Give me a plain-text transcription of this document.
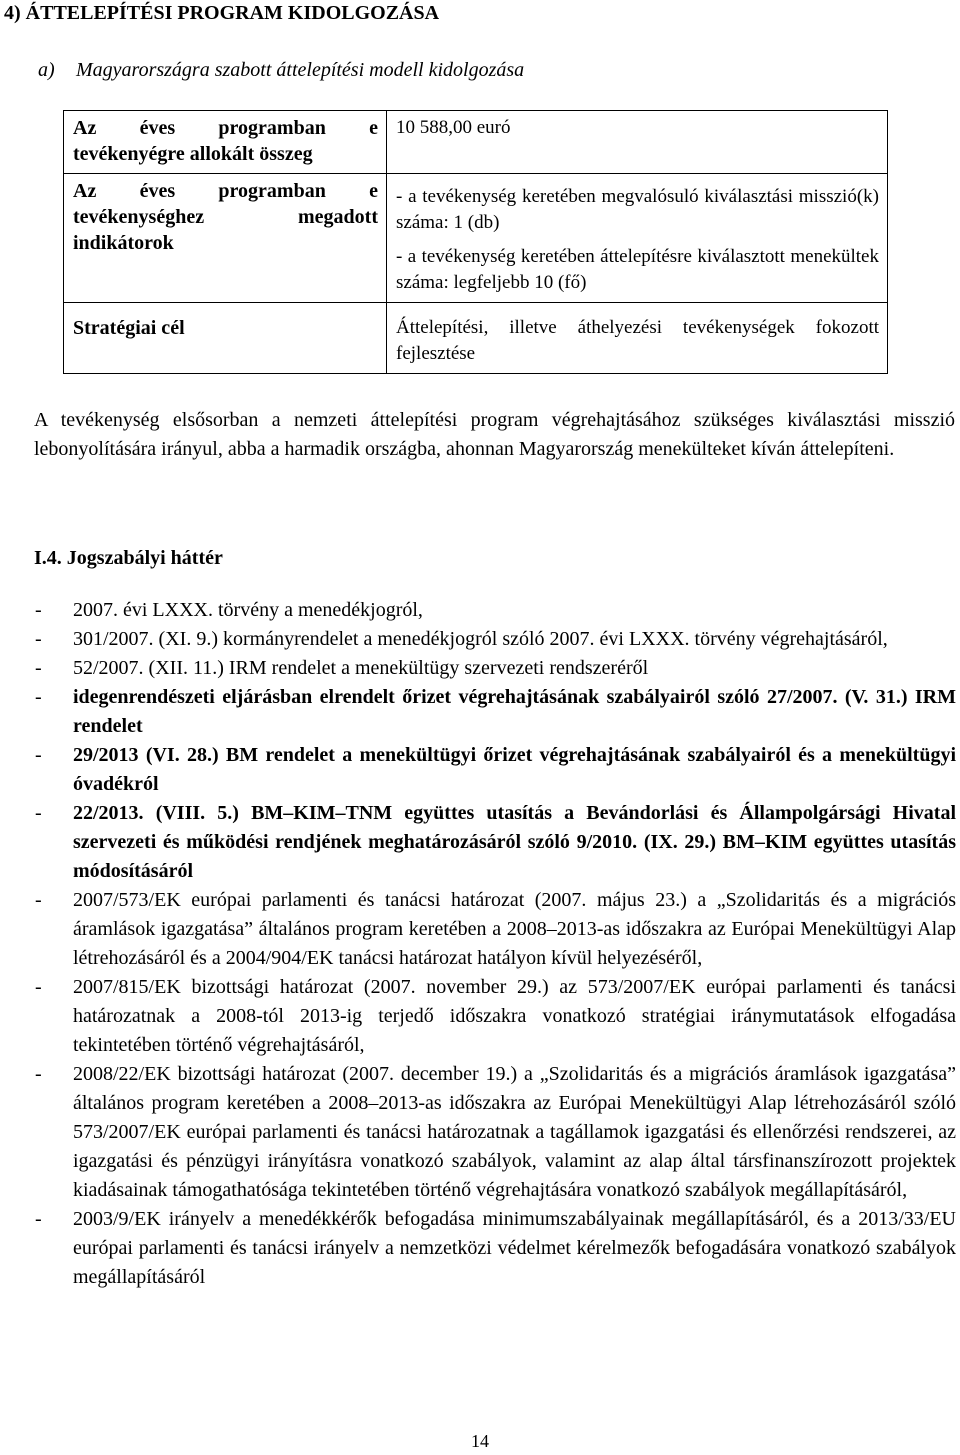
4) ÁTTELEPÍTÉSI PROGRAM KIDOLGOZÁSA
a) Magyarországra szabott áttelepítési modell kidolgozása
Az éves programban e tevékenyégre allokált összeg	10 588,00 euró

Az éves programban e tevékenységhez megadott indikátorok	- a tevékenység keretében megvalósuló kiválasztási misszió(k) száma: 1 (db)
- a tevékenység keretében áttelepítésre kiválasztott menekültek száma: legfeljebb 10 (fő)

Stratégiai cél	Áttelepítési, illetve áthelyezési tevékenységek fokozott fejlesztése
A tevékenység elsősorban a nemzeti áttelepítési program végrehajtásához szükséges kiválasztási misszió lebonyolítására irányul, abba a harmadik országba, ahonnan Magyarország menekülteket kíván áttelepíteni.
I.4. Jogszabályi háttér
- 2007. évi LXXX. törvény a menedékjogról,
- 301/2007. (XI. 9.) kormányrendelet a menedékjogról szóló 2007. évi LXXX. törvény végrehajtásáról,
- 52/2007. (XII. 11.) IRM rendelet a menekültügy szervezeti rendszeréről
- idegenrendészeti eljárásban elrendelt őrizet végrehajtásának szabályairól szóló 27/2007. (V. 31.) IRM rendelet
- 29/2013 (VI. 28.) BM rendelet a menekültügyi őrizet végrehajtásának szabályairól és a menekültügyi óvadékról
- 22/2013. (VIII. 5.) BM–KIM–TNM együttes utasítás a Bevándorlási és Állampolgársági Hivatal szervezeti és működési rendjének meghatározásáról szóló 9/2010. (IX. 29.) BM–KIM együttes utasítás módosításáról
- 2007/573/EK európai parlamenti és tanácsi határozat (2007. május 23.) a „Szolidaritás és a migrációs áramlások igazgatása” általános program keretében a 2008–2013-as időszakra az Európai Menekültügyi Alap létrehozásáról és a 2004/904/EK tanácsi határozat hatályon kívül helyezéséről,
- 2007/815/EK bizottsági határozat (2007. november 29.) az 573/2007/EK európai parlamenti és tanácsi határozatnak a 2008-tól 2013-ig terjedő időszakra vonatkozó stratégiai iránymutatások elfogadása tekintetében történő végrehajtásáról,
- 2008/22/EK bizottsági határozat (2007. december 19.) a „Szolidaritás és a migrációs áramlások igazgatása” általános program keretében a 2008–2013-as időszakra az Európai Menekültügyi Alap létrehozásáról szóló 573/2007/EK európai parlamenti és tanácsi határozatnak a tagállamok igazgatási és ellenőrzési rendszerei, az igazgatási és pénzügyi irányításra vonatkozó szabályok, valamint az alap által társfinanszírozott projektek kiadásainak támogathatósága tekintetében történő végrehajtására vonatkozó szabályok megállapításáról,
- 2003/9/EK irányelv a menedékkérők befogadása minimumszabályainak megállapításáról, és a 2013/33/EU európai parlamenti és tanácsi irányelv a nemzetközi védelmet kérelmezők befogadására vonatkozó szabályok megállapításáról
14
